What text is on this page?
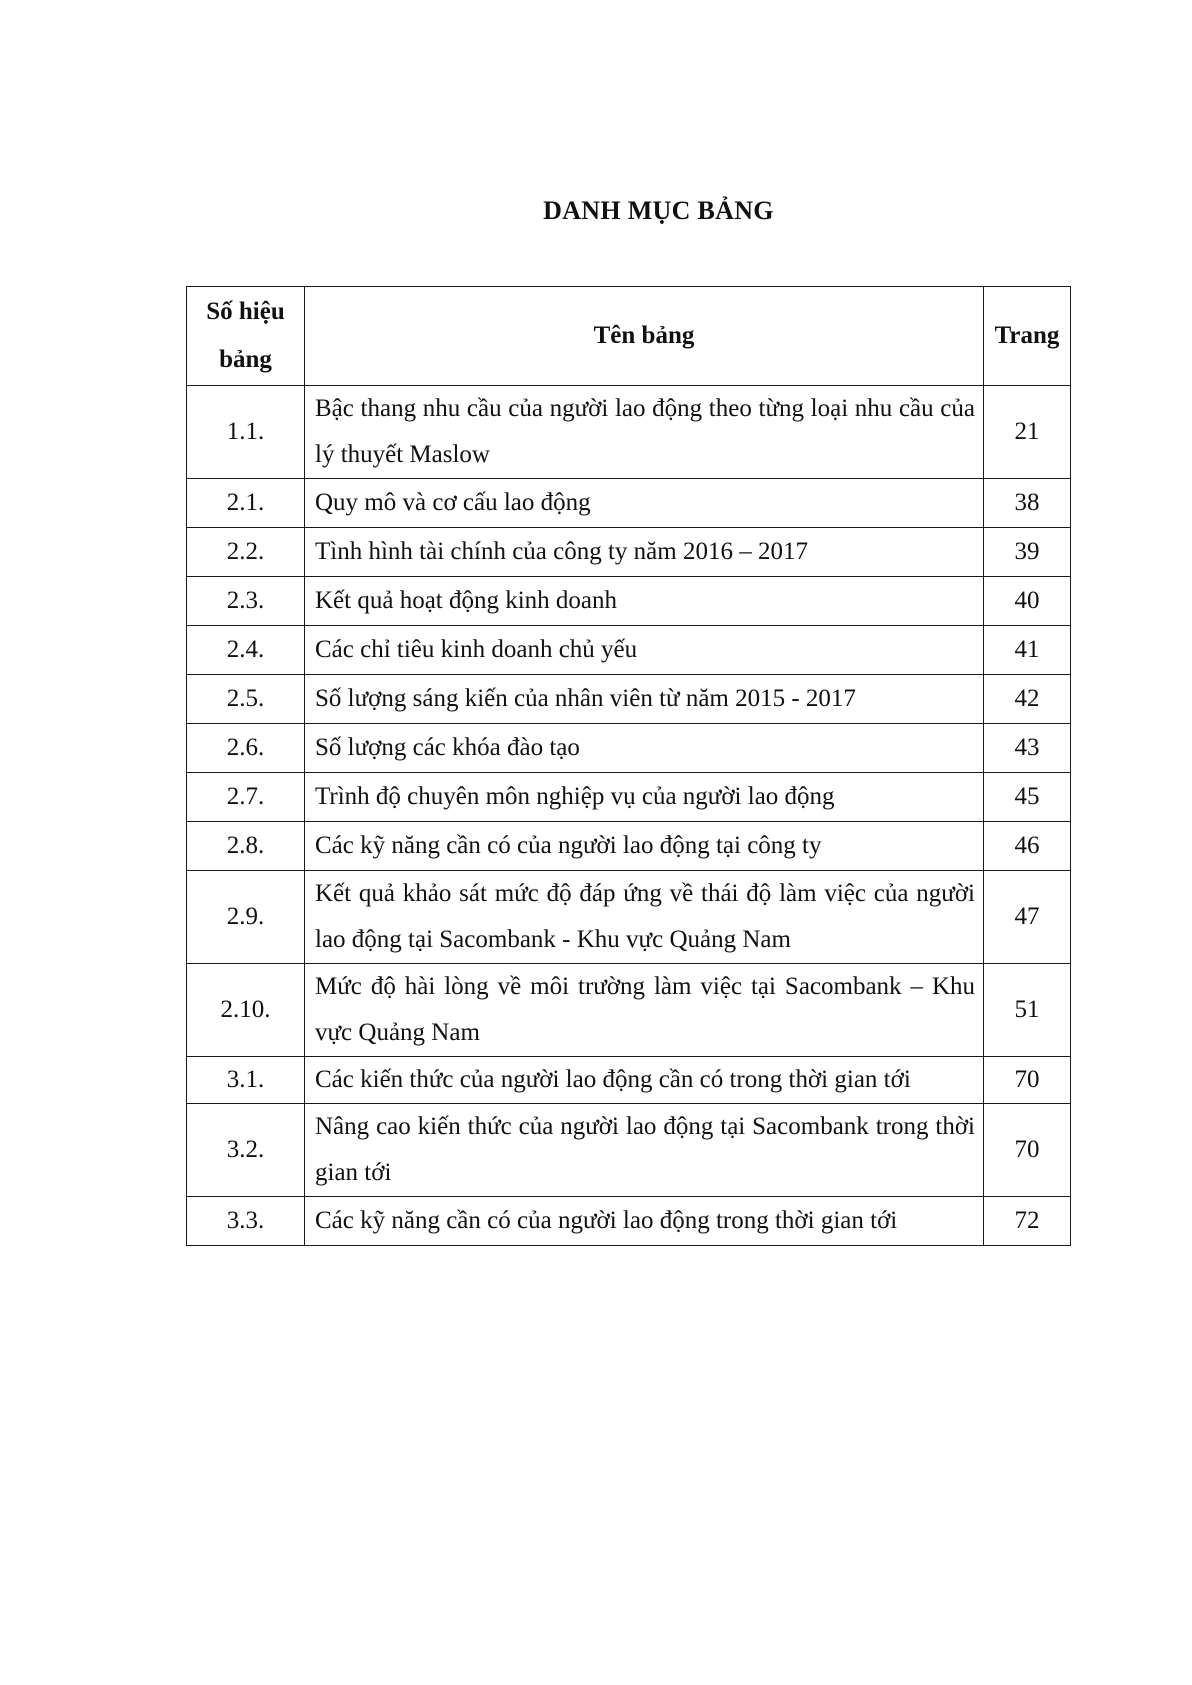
DANH MỤC BẢNG
Số hiệu bảng	Tên bảng	Trang
1.1.	Bậc thang nhu cầu của người lao động theo từng loại nhu cầu của lý thuyết Maslow	21
2.1.	Quy mô và cơ cấu lao động	38
2.2.	Tình hình tài chính của công ty năm 2016 – 2017	39
2.3.	Kết quả hoạt động kinh doanh	40
2.4.	Các chỉ tiêu kinh doanh chủ yếu	41
2.5.	Số lượng sáng kiến của nhân viên từ năm 2015 - 2017	42
2.6.	Số lượng các khóa đào tạo	43
2.7.	Trình độ chuyên môn nghiệp vụ của người lao động	45
2.8.	Các kỹ năng cần có của người lao động tại công ty	46
2.9.	Kết quả khảo sát mức độ đáp ứng về thái độ làm việc của người lao động tại Sacombank - Khu vực Quảng Nam	47
2.10.	Mức độ hài lòng về môi trường làm việc tại Sacombank – Khu vực Quảng Nam	51
3.1.	Các kiến thức của người lao động cần có trong thời gian tới	70
3.2.	Nâng cao kiến thức của người lao động tại Sacombank trong thời gian tới	70
3.3.	Các kỹ năng cần có của người lao động trong thời gian tới	72
